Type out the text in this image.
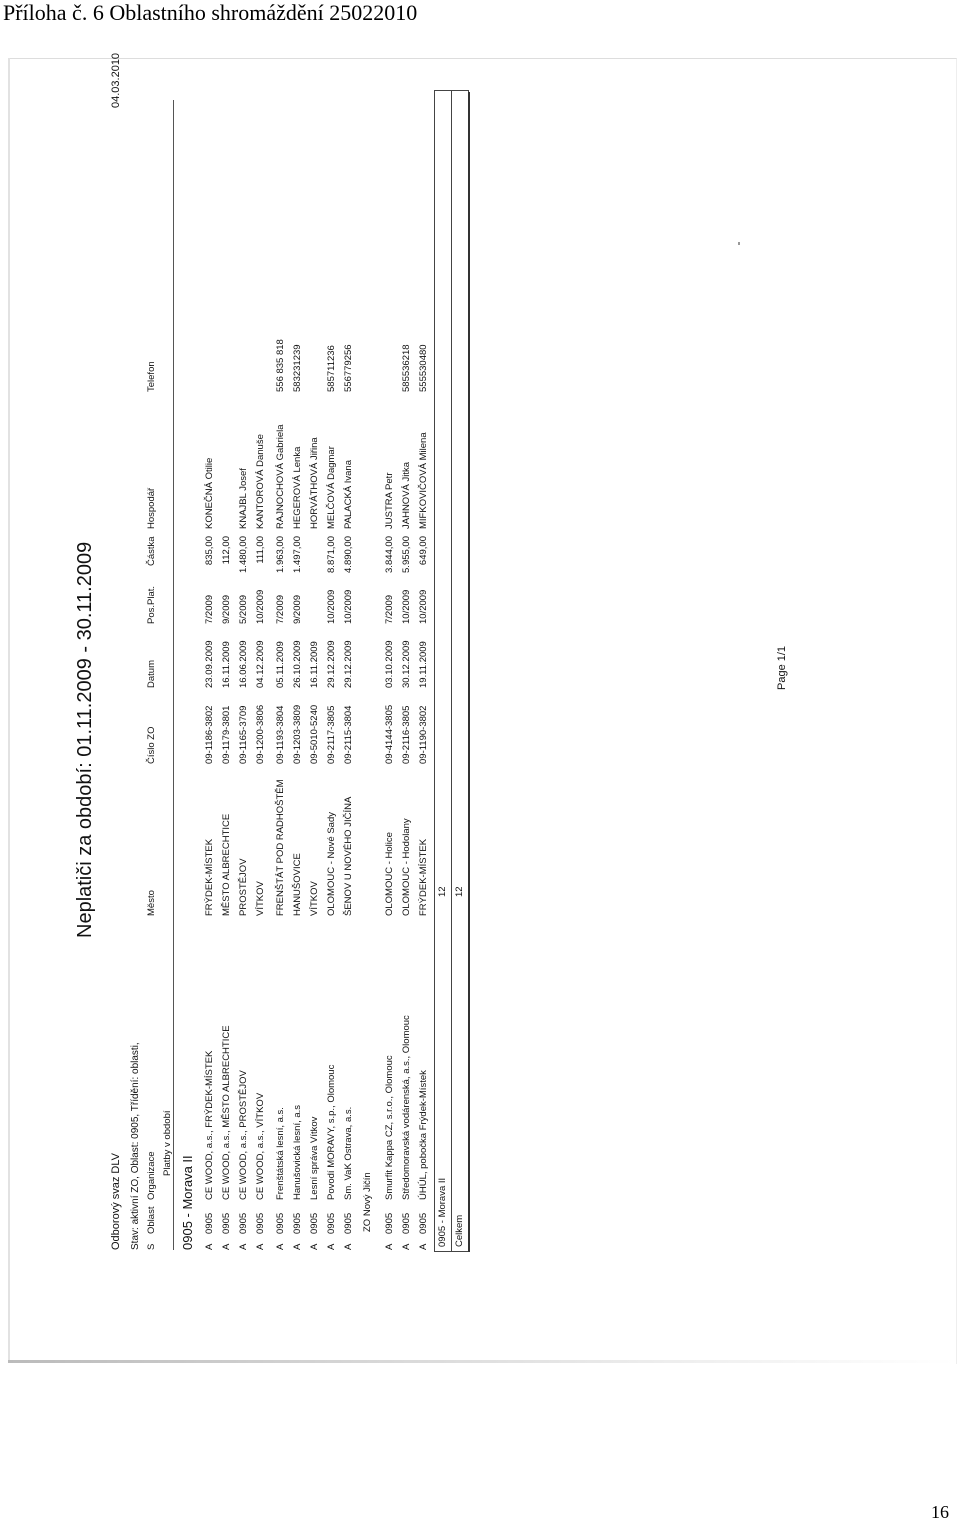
Příloha č. 6 Oblastního shromáždění 25022010
Neplatiči za období: 01.11.2009 - 30.11.2009
Odborový svaz DLV
04.03.2010
Stav: aktivní ZO, Oblast: 0905, Třídění: oblasti, S
Oblast
Organizace Platby v období
Město
Číslo ZO
Datum
Pos.Plat.
Částka
Hospodář
Telefon
0905 - Morava II A
0905
CE WOOD, a.s., FRÝDEK-MÍSTEK
FRÝDEK-MÍSTEK
09-1186-3802
23.09.2009
7/2009
835,00
KONEČNÁ Otilie
A
0905
CE WOOD, a.s., MĚSTO ALBRECHTICE
MĚSTO ALBRECHTICE
09-1179-3801
16.11.2009
9/2009
112,00
A
0905
CE WOOD, a.s., PROSTĚJOV
PROSTĚJOV
09-1165-3709
16.06.2009
5/2009
1.480,00
KNAJBL Josef
A
0905
CE WOOD, a.s., VÍTKOV
VÍTKOV
09-1200-3806
04.12.2009
10/2009
111,00
KANTOROVÁ Danuše
A
0905
Frenštátská lesní, a.s.
FRENŠTÁT POD RADHOŠTĚM
09-1193-3804
05.11.2009
7/2009
1.963,00
RAJNOCHOVÁ Gabriela
556 835 818
A
0905
Hanušovická lesní, a.s
HANUŠOVICE
09-1203-3809
26.10.2009
9/2009
1.497,00
HEGEROVÁ Lenka
583231239
A
0905
Lesní správa Vítkov
VÍTKOV
09-5010-5240
16.11.2009
HORVÁTHOVÁ Jiřina
A
0905
Povodí MORAVY, s.p., Olomouc
OLOMOUC - Nové Sady
09-2117-3805
29.12.2009
10/2009
8.871,00
MELČOVÁ Dagmar
585711236
A
0905
Sm. VaK Ostrava, a.s.
ŠENOV U NOVÉHO JIČÍNA
09-2115-3804
29.12.2009
10/2009
4.890,00
PALACKÁ Ivana
556779256
ZO Nový Jičín
A
0905
Smurfit Kappa CZ, s.r.o., Olomouc
OLOMOUC - Holice
09-4144-3805
03.10.2009
7/2009
3.844,00
JUSTRA Petr
A
0905
Středomoravská vodárenská, a.s., Olomouc
OLOMOUC - Hodolany
09-2116-3805
30.12.2009
10/2009
5.955,00
JAHNOVÁ Jitka
585536218
A
0905
ÚHÚL, pobočka Frýdek-Místek
FRÝDEK-MÍSTEK
09-1190-3802
19.11.2009
10/2009
649,00
MIFKOVIČOVÁ Milena
555530480
0905 - Morava II
12
Celkem
12
Page 1/1
16
